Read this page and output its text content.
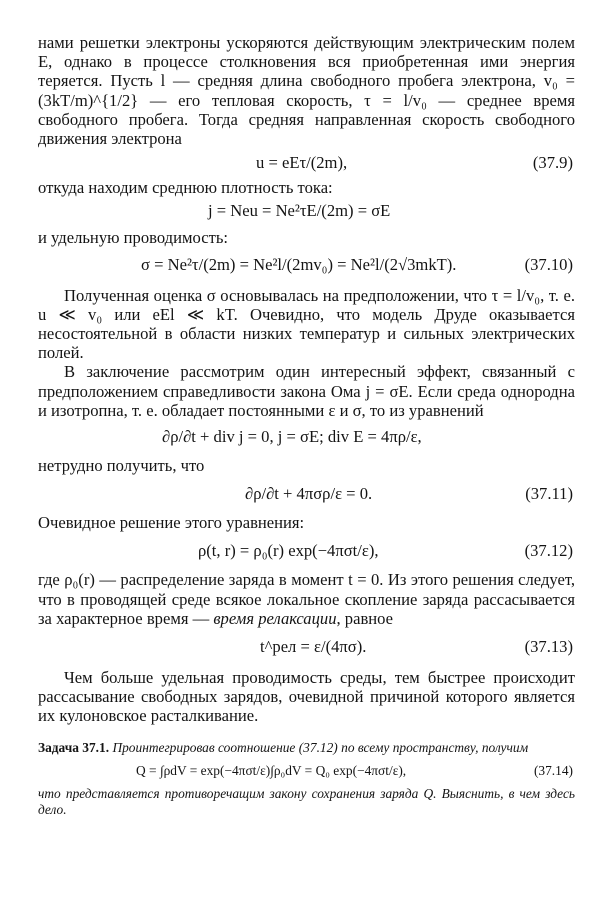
нами решетки электроны ускоряются действующим электрическим полем E, однако в процессе столкновения вся приобретенная ими энергия теряется. Пусть l — средняя длина свободного пробега электрона, v₀ = (3kT/m)^{1/2} — его тепловая скорость, τ = l/v₀ — среднее время свободного пробега. Тогда средняя направленная скорость свободного движения электрона

u = eEτ/(2m),	(37.9)

откуда находим среднюю плотность тока:

j = Neu = Ne²τE/(2m) = σE

и удельную проводимость:

σ = Ne²τ/(2m) = Ne²l/(2mv₀) = Ne²l/(2√3mkT).	(37.10)

Полученная оценка σ основывалась на предположении, что τ = l/v₀, т. е. u ≪ v₀ или eEl ≪ kT. Очевидно, что модель Друде оказывается несостоятельной в области низких температур и сильных электрических полей.

В заключение рассмотрим один интересный эффект, связанный с предположением справедливости закона Ома j = σE. Если среда однородна и изотропна, т. е. обладает постоянными ε и σ, то из уравнений

∂ρ/∂t + div j = 0, j = σE; div E = 4πρ/ε,

нетрудно получить, что

∂ρ/∂t + 4πσρ/ε = 0.	(37.11)

Очевидное решение этого уравнения:

ρ(t, r) = ρ₀(r) exp(−4πσt/ε),	(37.12)

где ρ₀(r) — распределение заряда в момент t = 0. Из этого решения следует, что в проводящей среде всякое локальное скопление заряда рассасывается за характерное время — время релаксации, равное

t^рел = ε/(4πσ).	(37.13)

Чем больше удельная проводимость среды, тем быстрее происходит рассасывание свободных зарядов, очевидной причиной которого является их кулоновское расталкивание.

Задача 37.1. Проинтегрировав соотношение (37.12) по всему пространству, получим

Q = ∫ρdV = exp(−4πσt/ε)∫ρ₀dV = Q₀ exp(−4πσt/ε),	(37.14)

что представляется противоречащим закону сохранения заряда Q. Выяснить, в чем здесь дело.
